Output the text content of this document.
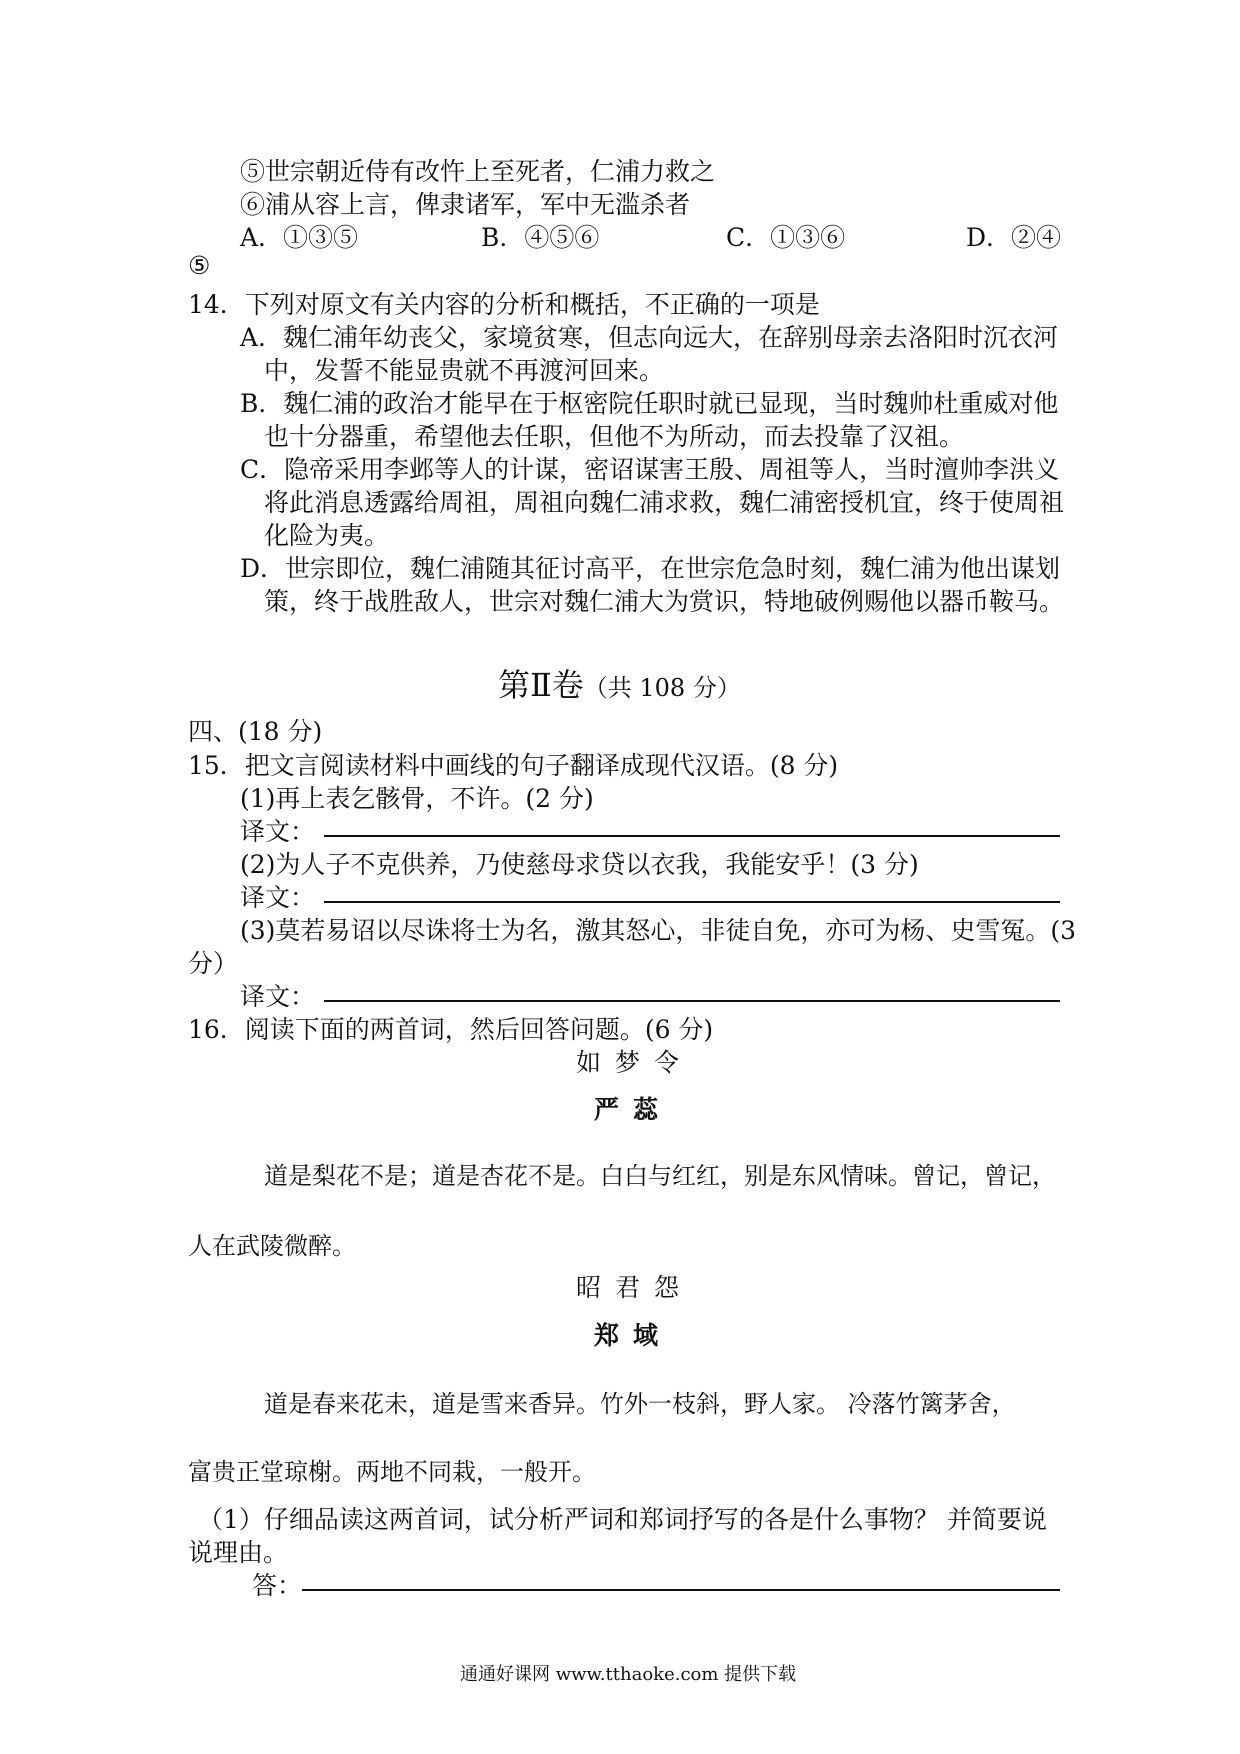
⑤世宗朝近侍有改忤上至死者，仁浦力救之
⑥浦从容上言，俾隶诸军，军中无滥杀者
A．①③⑤	B．④⑤⑥	C．①③⑥	D．②④
⑤
14．下列对原文有关内容的分析和概括，不正确的一项是
A．魏仁浦年幼丧父，家境贫寒，但志向远大，在辞别母亲去洛阳时沉衣河
中，发誓不能显贵就不再渡河回来。
B．魏仁浦的政治才能早在于枢密院任职时就已显现，当时魏帅杜重威对他
也十分器重，希望他去任职，但他不为所动，而去投靠了汉祖。
C．隐帝采用李邺等人的计谋，密诏谋害王殷、周祖等人，当时澶帅李洪义
将此消息透露给周祖，周祖向魏仁浦求救，魏仁浦密授机宜，终于使周祖
化险为夷。
D．世宗即位，魏仁浦随其征讨高平，在世宗危急时刻，魏仁浦为他出谋划
策，终于战胜敌人，世宗对魏仁浦大为赏识，特地破例赐他以器币鞍马。
第Ⅱ卷（共 108 分）
四、(18 分)
15．把文言阅读材料中画线的句子翻译成现代汉语。(8 分)
(1)再上表乞骸骨，不许。(2 分)
译文：
(2)为人子不克供养，乃使慈母求贷以衣我，我能安乎！(3 分)
译文：
(3)莫若易诏以尽诛将士为名，激其怒心，非徒自免，亦可为杨、史雪冤。(3
分）
译文：
16．阅读下面的两首词，然后回答问题。(6 分)
如梦令
严蕊
道是梨花不是；道是杏花不是。白白与红红，别是东风情味。曾记，曾记，
人在武陵微醉。
昭君怨
郑域
道是春来花未，道是雪来香异。竹外一枝斜，野人家。 冷落竹篱茅舍，
富贵正堂琼榭。两地不同栽，一般开。
（1）仔细品读这两首词，试分析严词和郑词抒写的各是什么事物？ 并简要说
说理由。
答：
通通好课网 www.tthaoke.com 提供下载
